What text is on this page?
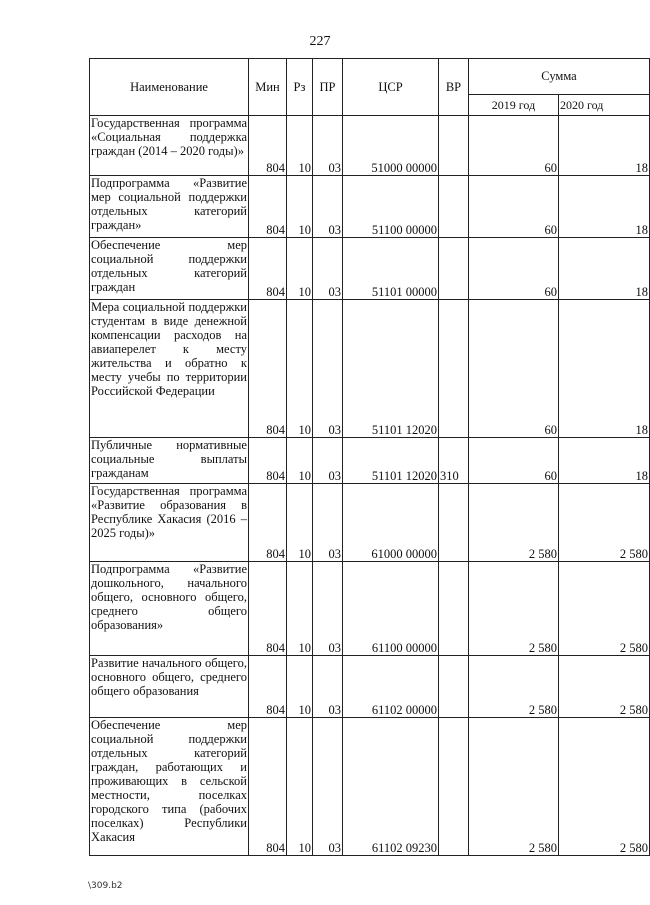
227
Наименование	Мин	Рз	ПР	ЦСР	ВР	Сумма	
						2019 год	2020 год
Государственная программа «Социальная поддержка граждан (2014 – 2020 годы)»	804	10	03	51000 00000		60	18
Подпрограмма «Развитие мер социальной поддержки отдельных категорий граждан»	804	10	03	51100 00000		60	18
Обеспечение мер социальной поддержки отдельных категорий граждан	804	10	03	51101 00000		60	18
Мера социальной поддержки студентам в виде денежной компенсации расходов на авиаперелет к месту жительства и обратно к месту учебы по территории Российской Федерации	804	10	03	51101 12020		60	18
Публичные нормативные социальные выплаты гражданам	804	10	03	51101 12020	310	60	18
Государственная программа «Развитие образования в Республике Хакасия (2016 – 2025 годы)»	804	10	03	61000 00000		2 580	2 580
Подпрограмма «Развитие дошкольного, начального общего, основного общего, среднего общего образования»	804	10	03	61100 00000		2 580	2 580
Развитие начального общего, основного общего, среднего общего образования	804	10	03	61102 00000		2 580	2 580
Обеспечение мер социальной поддержки отдельных категорий граждан, работающих и проживающих в сельской местности, поселках городского типа (рабочих поселках) Республики Хакасия	804	10	03	61102 09230		2 580	2 580
\309.b2
